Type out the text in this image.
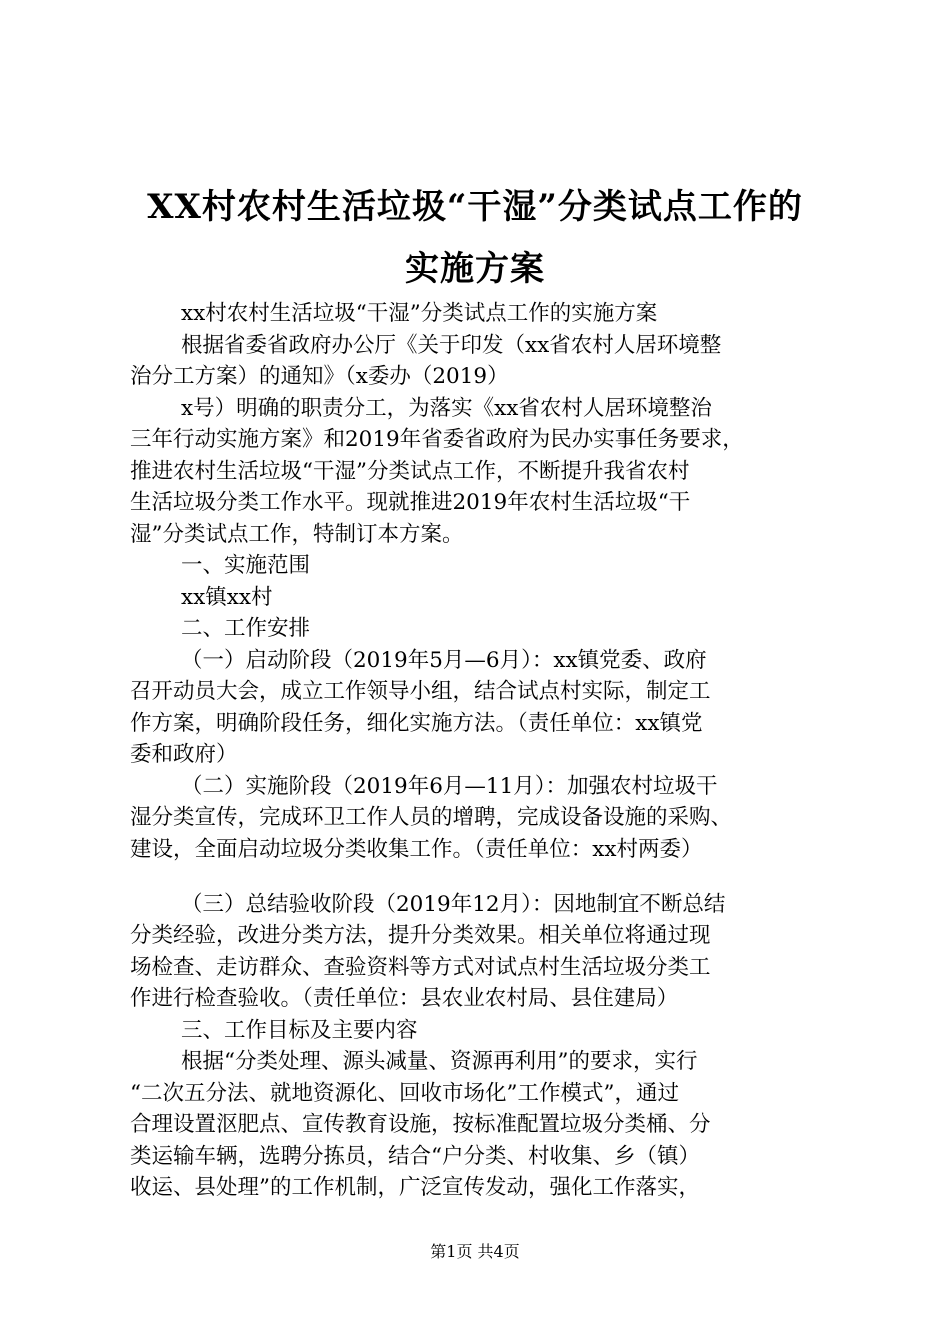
XX村农村生活垃圾“干湿”分类试点工作的
实施方案
xx村农村生活垃圾“干湿”分类试点工作的实施方案
根据省委省政府办公厅《关于印发（xx省农村人居环境整
治分工方案）的通知》（x委办（2019）
x号）明确的职责分工，为落实《xx省农村人居环境整治
三年行动实施方案》和2019年省委省政府为民办实事任务要求，
推进农村生活垃圾“干湿”分类试点工作，不断提升我省农村
生活垃圾分类工作水平。现就推进2019年农村生活垃圾“干
湿”分类试点工作，特制订本方案。
一、实施范围
xx镇xx村
二、工作安排
（一）启动阶段（2019年5月—6月）：xx镇党委、政府
召开动员大会，成立工作领导小组，结合试点村实际，制定工
作方案，明确阶段任务，细化实施方法。（责任单位：xx镇党
委和政府）
（二）实施阶段（2019年6月—11月）：加强农村垃圾干
湿分类宣传，完成环卫工作人员的增聘，完成设备设施的采购、
建设，全面启动垃圾分类收集工作。（责任单位：xx村两委）
（三）总结验收阶段（2019年12月）：因地制宜不断总结
分类经验，改进分类方法，提升分类效果。相关单位将通过现
场检查、走访群众、查验资料等方式对试点村生活垃圾分类工
作进行检查验收。（责任单位：县农业农村局、县住建局）
三、工作目标及主要内容
根据“分类处理、源头减量、资源再利用”的要求，实行
“二次五分法、就地资源化、回收市场化”工作模式”，通过
合理设置沤肥点、宣传教育设施，按标准配置垃圾分类桶、分
类运输车辆，选聘分拣员，结合“户分类、村收集、乡（镇）
收运、县处理”的工作机制，广泛宣传发动，强化工作落实，
第1页 共4页
